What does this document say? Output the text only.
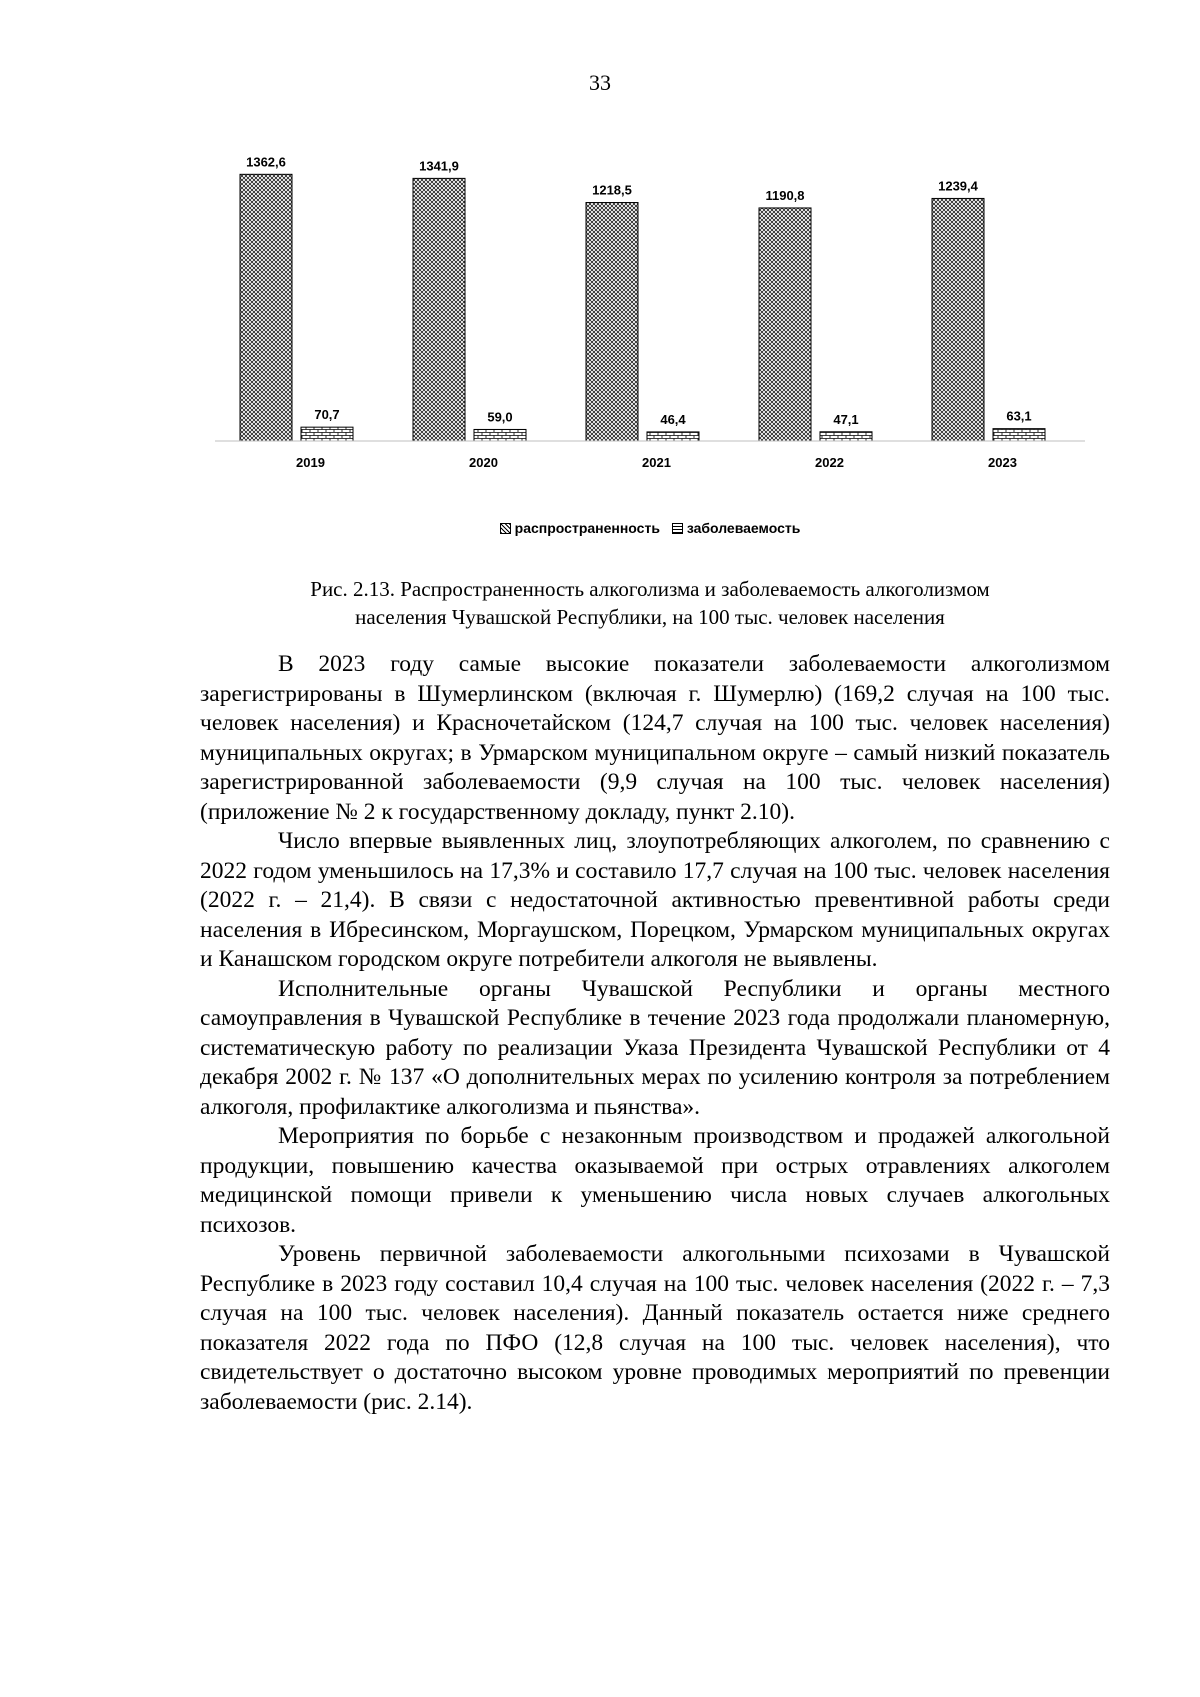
33
1362,6
70,7
2019
1341,9
59,0
2020
1218,5
46,4
2021
1190,8
47,1
2022
1239,4
63,1
2023
распространенность
заболеваемость
Рис. 2.13. Распространенность алкоголизма и заболеваемость алкоголизмом
населения Чувашской Республики, на 100 тыс. человек населения

В 2023 году самые высокие показатели заболеваемости алкоголизмом зарегистрированы в Шумерлинском (включая г. Шумерлю) (169,2 случая на 100 тыс. человек населения) и Красночетайском (124,7 случая на 100 тыс. человек населения) муниципальных округах; в Урмарском муниципальном округе – самый низкий показатель зарегистрированной заболеваемости (9,9 случая на 100 тыс. человек населения) (приложение № 2 к государственному докладу, пункт 2.10).

Число впервые выявленных лиц, злоупотребляющих алкоголем, по сравнению с 2022 годом уменьшилось на 17,3% и составило 17,7 случая на 100 тыс. человек населения (2022 г. – 21,4). В связи с недостаточной активностью превентивной работы среди населения в Ибресинском, Моргаушском, Порецком, Урмарском муниципальных округах и Канашском городском округе потребители алкоголя не выявлены.

Исполнительные органы Чувашской Республики и органы местного самоуправления в Чувашской Республике в течение 2023 года продолжали планомерную, систематическую работу по реализации Указа Президента Чувашской Республики от 4 декабря 2002 г. № 137 «О дополнительных мерах по усилению контроля за потреблением алкоголя, профилактике алкоголизма и пьянства».

Мероприятия по борьбе с незаконным производством и продажей алкогольной продукции, повышению качества оказываемой при острых отравлениях алкоголем медицинской помощи привели к уменьшению числа новых случаев алкогольных психозов.

Уровень первичной заболеваемости алкогольными психозами в Чувашской Республике в 2023 году составил 10,4 случая на 100 тыс. человек населения (2022 г. – 7,3 случая на 100 тыс. человек населения). Данный показатель остается ниже среднего показателя 2022 года по ПФО (12,8 случая на 100 тыс. человек населения), что свидетельствует о достаточно высоком уровне проводимых мероприятий по превенции заболеваемости (рис. 2.14).
